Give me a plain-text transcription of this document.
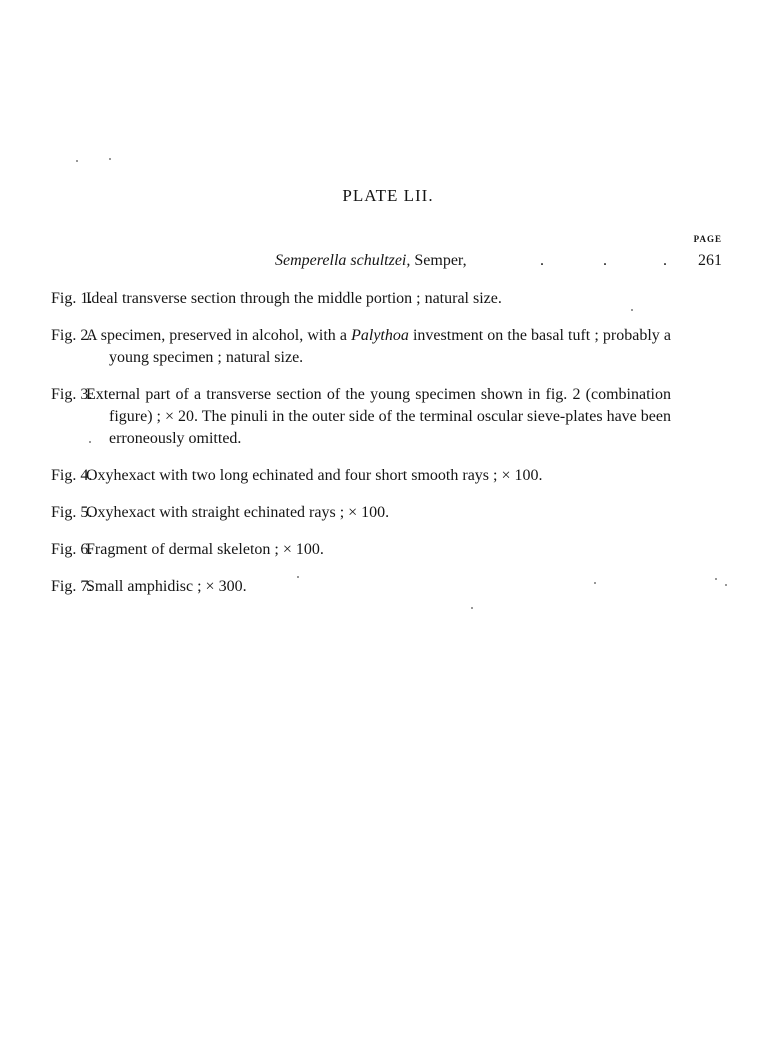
PLATE LII.
PAGE
Semperella schultzei, Semper,	.	.	. 261
Fig. 1.
Ideal transverse section through the middle portion ; natural size.
Fig. 2.
A specimen, preserved in alcohol, with a Palythoa investment on the basal tuft ; probably a young specimen ; natural size.
Fig. 3.
External part of a transverse section of the young specimen shown in fig. 2 (combination figure) ; × 20. The pinuli in the outer side of the terminal oscular sieve-plates have been erroneously omitted.
Fig. 4.
Oxyhexact with two long echinated and four short smooth rays ; × 100.
Fig. 5.
Oxyhexact with straight echinated rays ; × 100.
Fig. 6.
Fragment of dermal skeleton ; × 100.
Fig. 7.
Small amphidisc ; × 300.
